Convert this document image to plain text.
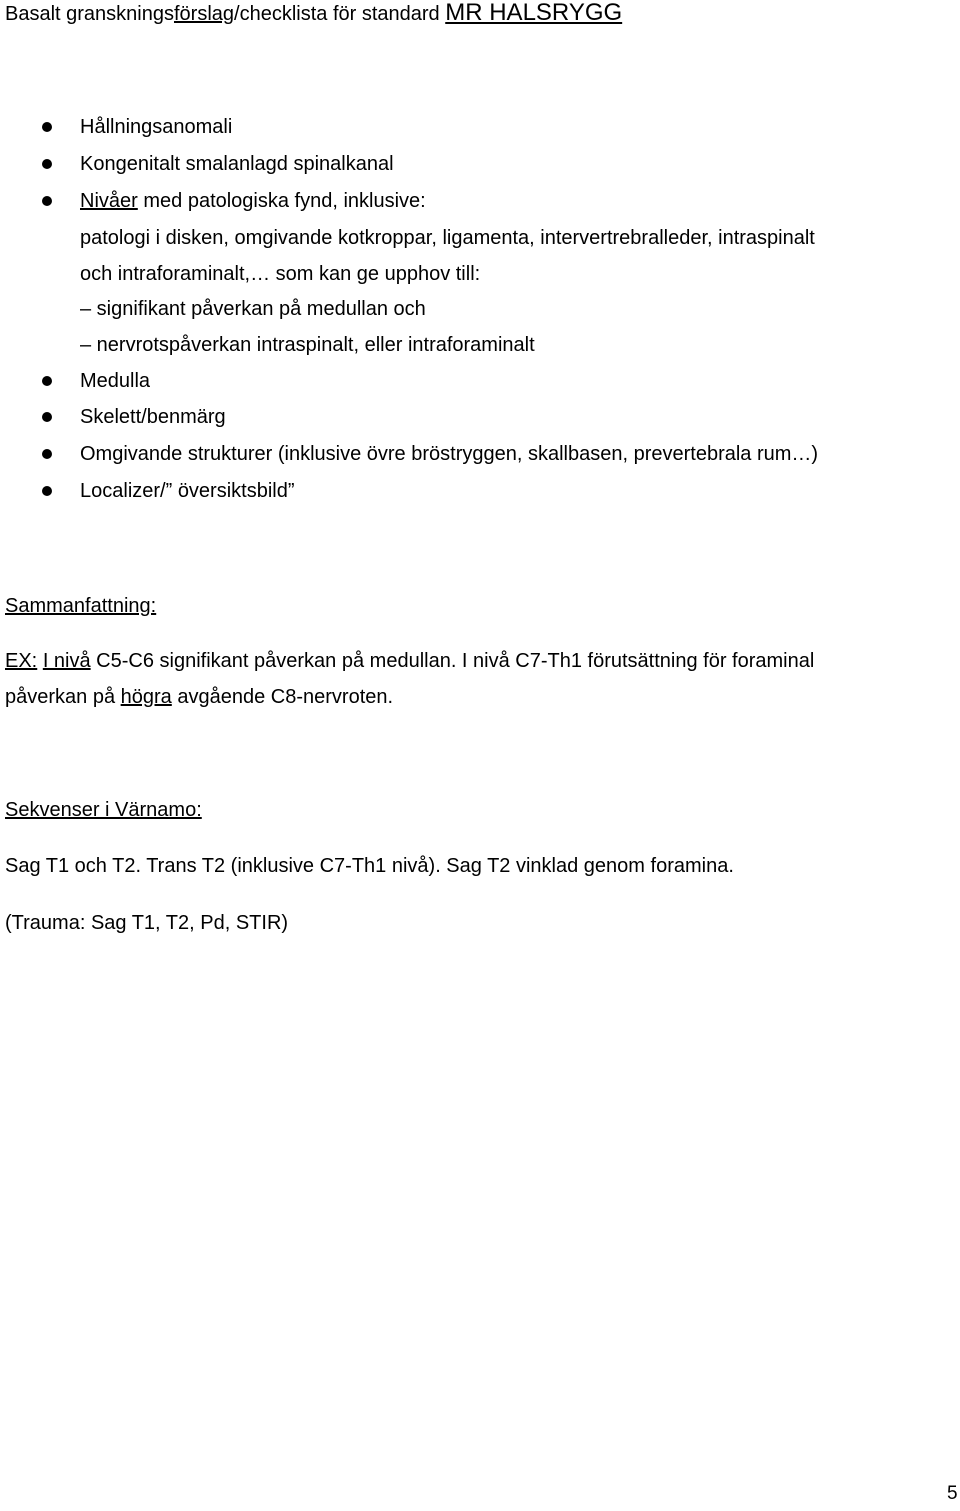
Basalt granskningsförslag/checklista för standard MR HALSRYGG
Hållningsanomali
Kongenitalt smalanlagd spinalkanal
Nivåer med patologiska fynd, inklusive:
patologi i disken, omgivande kotkroppar, ligamenta, intervertrebralleder, intraspinalt
och intraforaminalt,… som kan ge upphov till:
– signifikant påverkan på medullan och
– nervrotspåverkan intraspinalt, eller intraforaminalt
Medulla
Skelett/benmärg
Omgivande strukturer (inklusive övre bröstryggen, skallbasen, prevertebrala rum…)
Localizer/” översiktsbild”
Sammanfattning:
EX: I nivå C5-C6 signifikant påverkan på medullan. I nivå C7-Th1 förutsättning för foraminal
påverkan på högra avgående C8-nervroten.
Sekvenser i Värnamo:
Sag T1 och T2. Trans T2 (inklusive C7-Th1 nivå). Sag T2 vinklad genom foramina.
(Trauma: Sag T1, T2, Pd, STIR)
5
